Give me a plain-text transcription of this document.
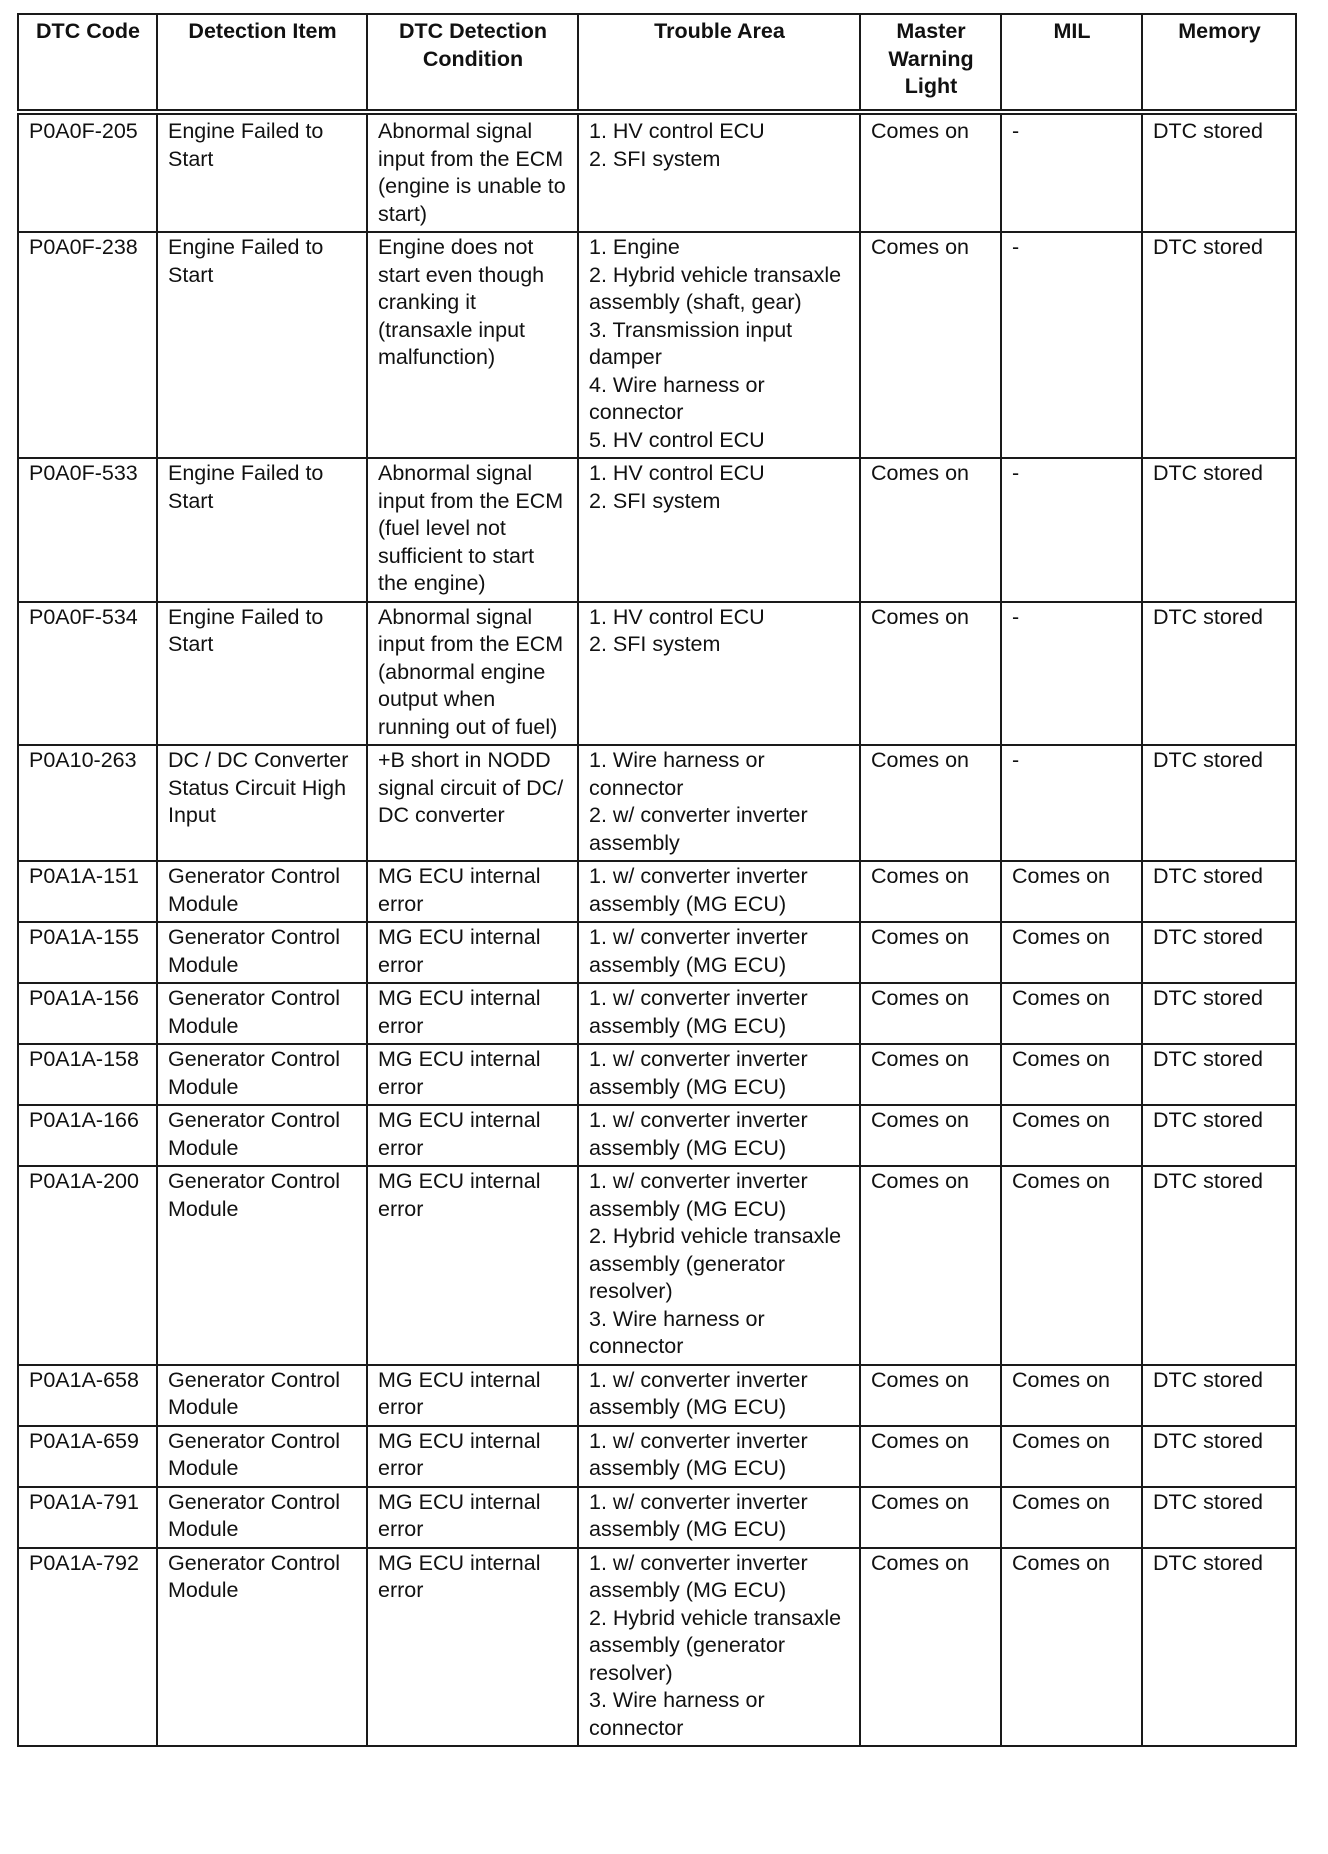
DTC Code	Detection Item	DTC Detection Condition	Trouble Area	Master Warning Light	MIL	Memory
P0A0F-205	Engine Failed to Start	Abnormal signal input from the ECM (engine is unable to start)	1. HV control ECU
2. SFI system	Comes on	-	DTC stored
P0A0F-238	Engine Failed to Start	Engine does not start even though cranking it (transaxle input malfunction)	1. Engine
2. Hybrid vehicle transaxle assembly (shaft, gear)
3. Transmission input damper
4. Wire harness or connector
5. HV control ECU	Comes on	-	DTC stored
P0A0F-533	Engine Failed to Start	Abnormal signal input from the ECM (fuel level not sufficient to start the engine)	1. HV control ECU
2. SFI system	Comes on	-	DTC stored
P0A0F-534	Engine Failed to Start	Abnormal signal input from the ECM (abnormal engine output when running out of fuel)	1. HV control ECU
2. SFI system	Comes on	-	DTC stored
P0A10-263	DC / DC Converter Status Circuit High Input	+B short in NODD signal circuit of DC/ DC converter	1. Wire harness or connector
2. w/ converter inverter assembly	Comes on	-	DTC stored
P0A1A-151	Generator Control Module	MG ECU internal error	1. w/ converter inverter assembly (MG ECU)	Comes on	Comes on	DTC stored
P0A1A-155	Generator Control Module	MG ECU internal error	1. w/ converter inverter assembly (MG ECU)	Comes on	Comes on	DTC stored
P0A1A-156	Generator Control Module	MG ECU internal error	1. w/ converter inverter assembly (MG ECU)	Comes on	Comes on	DTC stored
P0A1A-158	Generator Control Module	MG ECU internal error	1. w/ converter inverter assembly (MG ECU)	Comes on	Comes on	DTC stored
P0A1A-166	Generator Control Module	MG ECU internal error	1. w/ converter inverter assembly (MG ECU)	Comes on	Comes on	DTC stored
P0A1A-200	Generator Control Module	MG ECU internal error	1. w/ converter inverter assembly (MG ECU)
2. Hybrid vehicle transaxle assembly (generator resolver)
3. Wire harness or connector	Comes on	Comes on	DTC stored
P0A1A-658	Generator Control Module	MG ECU internal error	1. w/ converter inverter assembly (MG ECU)	Comes on	Comes on	DTC stored
P0A1A-659	Generator Control Module	MG ECU internal error	1. w/ converter inverter assembly (MG ECU)	Comes on	Comes on	DTC stored
P0A1A-791	Generator Control Module	MG ECU internal error	1. w/ converter inverter assembly (MG ECU)	Comes on	Comes on	DTC stored
P0A1A-792	Generator Control Module	MG ECU internal error	1. w/ converter inverter assembly (MG ECU)
2. Hybrid vehicle transaxle assembly (generator resolver)
3. Wire harness or connector	Comes on	Comes on	DTC stored
